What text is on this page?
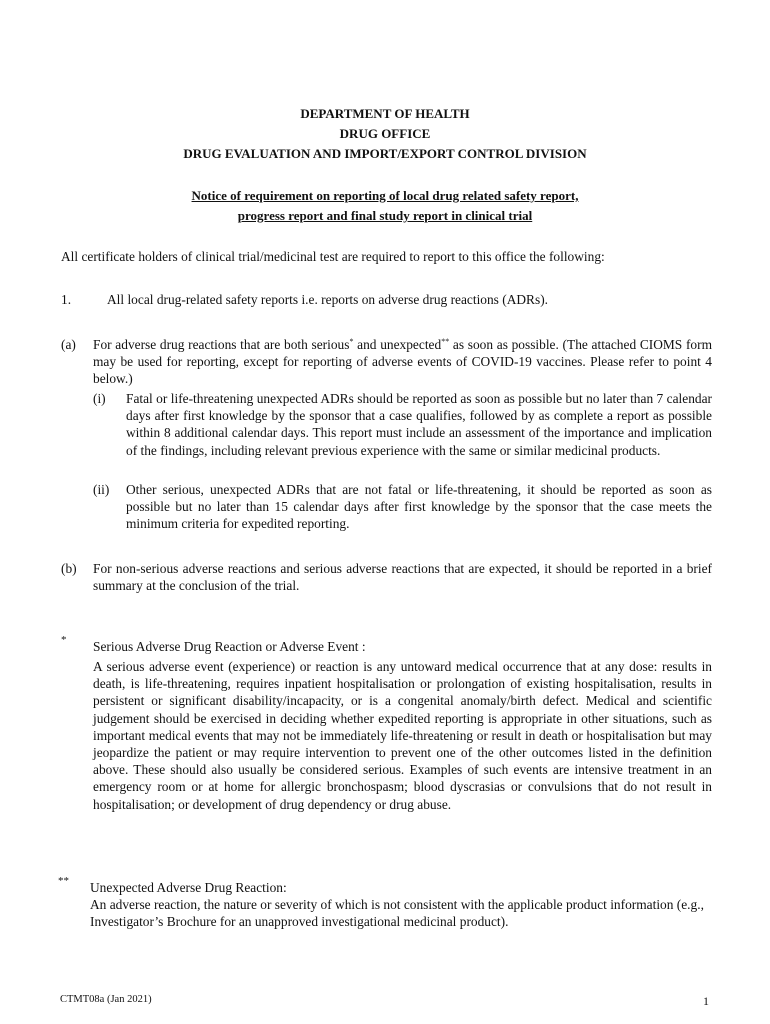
DEPARTMENT OF HEALTH
DRUG OFFICE
DRUG EVALUATION AND IMPORT/EXPORT CONTROL DIVISION
Notice of requirement on reporting of local drug related safety report,
progress report and final study report in clinical trial
All certificate holders of clinical trial/medicinal test are required to report to this office the following:
1.	All local drug-related safety reports i.e. reports on adverse drug reactions (ADRs).
(a) For adverse drug reactions that are both serious* and unexpected** as soon as possible. (The attached CIOMS form may be used for reporting, except for reporting of adverse events of COVID-19 vaccines. Please refer to point 4 below.)
(i) Fatal or life-threatening unexpected ADRs should be reported as soon as possible but no later than 7 calendar days after first knowledge by the sponsor that a case qualifies, followed by as complete a report as possible within 8 additional calendar days. This report must include an assessment of the importance and implication of the findings, including relevant previous experience with the same or similar medicinal products.
(ii) Other serious, unexpected ADRs that are not fatal or life-threatening, it should be reported as soon as possible but no later than 15 calendar days after first knowledge by the sponsor that the case meets the minimum criteria for expedited reporting.
(b) For non-serious adverse reactions and serious adverse reactions that are expected, it should be reported in a brief summary at the conclusion of the trial.
* Serious Adverse Drug Reaction or Adverse Event :
A serious adverse event (experience) or reaction is any untoward medical occurrence that at any dose: results in death, is life-threatening, requires inpatient hospitalisation or prolongation of existing hospitalisation, results in persistent or significant disability/incapacity, or is a congenital anomaly/birth defect. Medical and scientific judgement should be exercised in deciding whether expedited reporting is appropriate in other situations, such as important medical events that may not be immediately life-threatening or result in death or hospitalisation but may jeopardize the patient or may require intervention to prevent one of the other outcomes listed in the definition above. These should also usually be considered serious. Examples of such events are intensive treatment in an emergency room or at home for allergic bronchospasm; blood dyscrasias or convulsions that do not result in hospitalisation; or development of drug dependency or drug abuse.
** Unexpected Adverse Drug Reaction:
An adverse reaction, the nature or severity of which is not consistent with the applicable product information (e.g., Investigator’s Brochure for an unapproved investigational medicinal product).
CTMT08a (Jan 2021)	1
